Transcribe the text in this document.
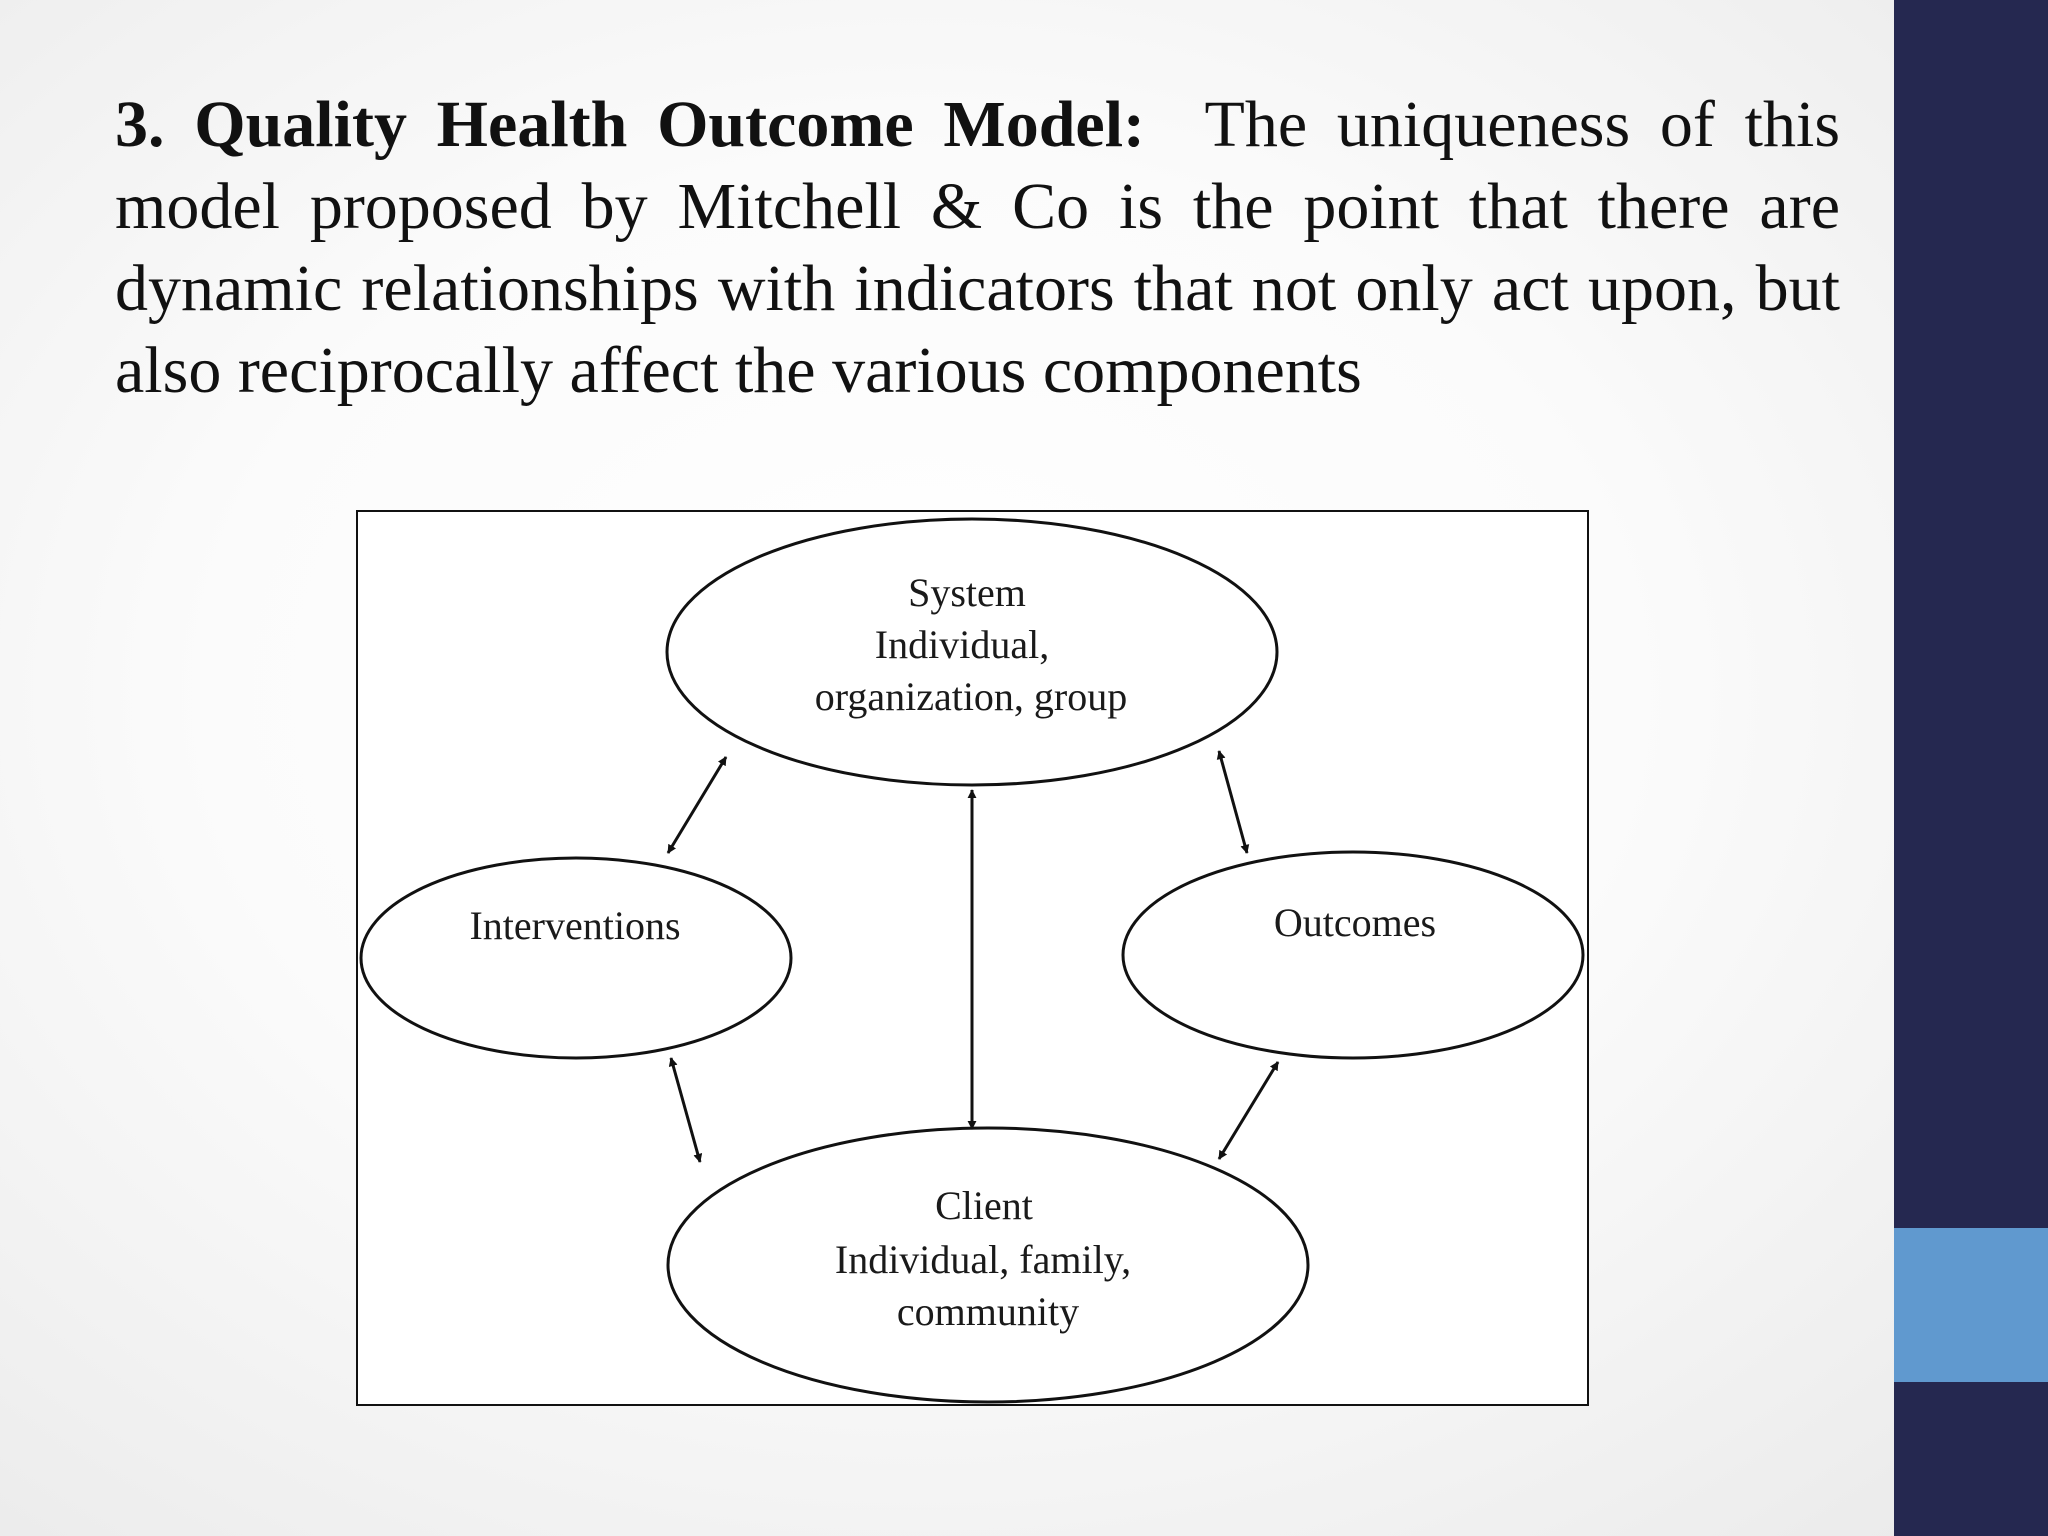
3. Quality Health Outcome Model: The uniqueness of this model proposed by Mitchell & Co is the point that there are dynamic relationships with indicators that not only act upon, but also reciprocally affect the various components
System Individual, organization, group
Interventions	Outcomes
Client Individual, family, community
